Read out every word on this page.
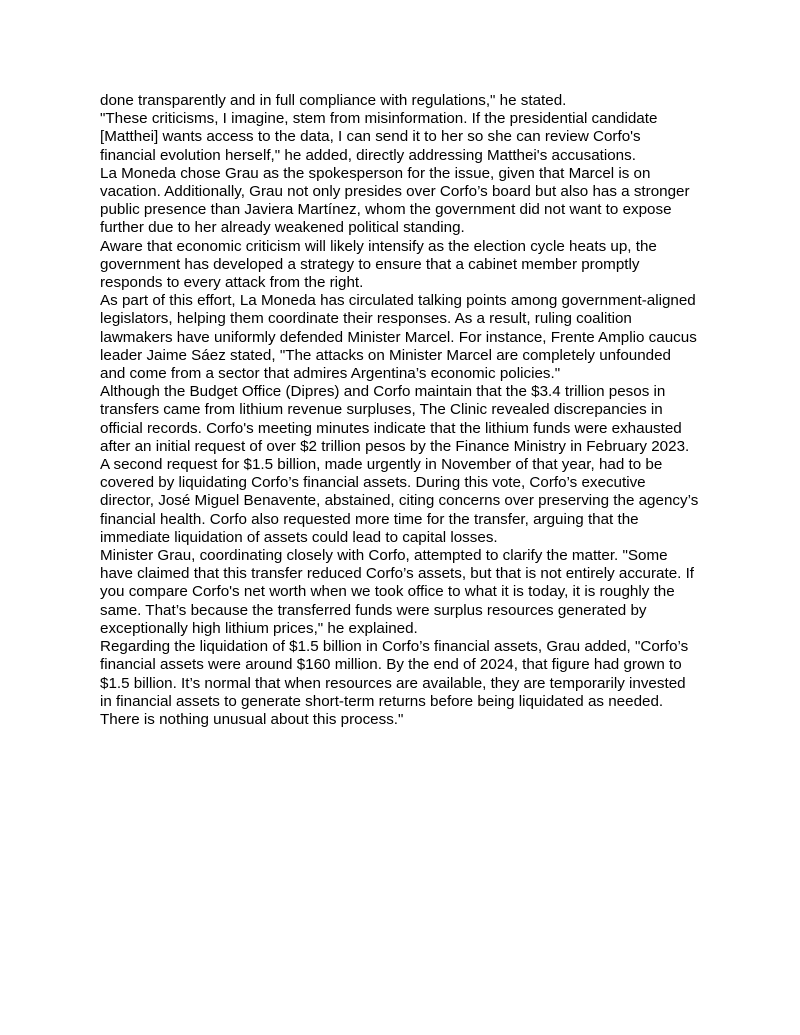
done transparently and in full compliance with regulations," he stated.

"These criticisms, I imagine, stem from misinformation. If the presidential candidate [Matthei] wants access to the data, I can send it to her so she can review Corfo's financial evolution herself," he added, directly addressing Matthei's accusations.

La Moneda chose Grau as the spokesperson for the issue, given that Marcel is on vacation. Additionally, Grau not only presides over Corfo’s board but also has a stronger public presence than Javiera Martínez, whom the government did not want to expose further due to her already weakened political standing.

Aware that economic criticism will likely intensify as the election cycle heats up, the government has developed a strategy to ensure that a cabinet member promptly responds to every attack from the right.

As part of this effort, La Moneda has circulated talking points among government-aligned legislators, helping them coordinate their responses. As a result, ruling coalition lawmakers have uniformly defended Minister Marcel. For instance, Frente Amplio caucus leader Jaime Sáez stated, "The attacks on Minister Marcel are completely unfounded and come from a sector that admires Argentina’s economic policies."

Although the Budget Office (Dipres) and Corfo maintain that the $3.4 trillion pesos in transfers came from lithium revenue surpluses, The Clinic revealed discrepancies in official records. Corfo's meeting minutes indicate that the lithium funds were exhausted after an initial request of over $2 trillion pesos by the Finance Ministry in February 2023. A second request for $1.5 billion, made urgently in November of that year, had to be covered by liquidating Corfo’s financial assets. During this vote, Corfo’s executive director, José Miguel Benavente, abstained, citing concerns over preserving the agency’s financial health. Corfo also requested more time for the transfer, arguing that the immediate liquidation of assets could lead to capital losses.

Minister Grau, coordinating closely with Corfo, attempted to clarify the matter. "Some have claimed that this transfer reduced Corfo’s assets, but that is not entirely accurate. If you compare Corfo's net worth when we took office to what it is today, it is roughly the same. That’s because the transferred funds were surplus resources generated by exceptionally high lithium prices," he explained.

Regarding the liquidation of $1.5 billion in Corfo’s financial assets, Grau added, "Corfo’s financial assets were around $160 million. By the end of 2024, that figure had grown to $1.5 billion. It’s normal that when resources are available, they are temporarily invested in financial assets to generate short-term returns before being liquidated as needed. There is nothing unusual about this process."
